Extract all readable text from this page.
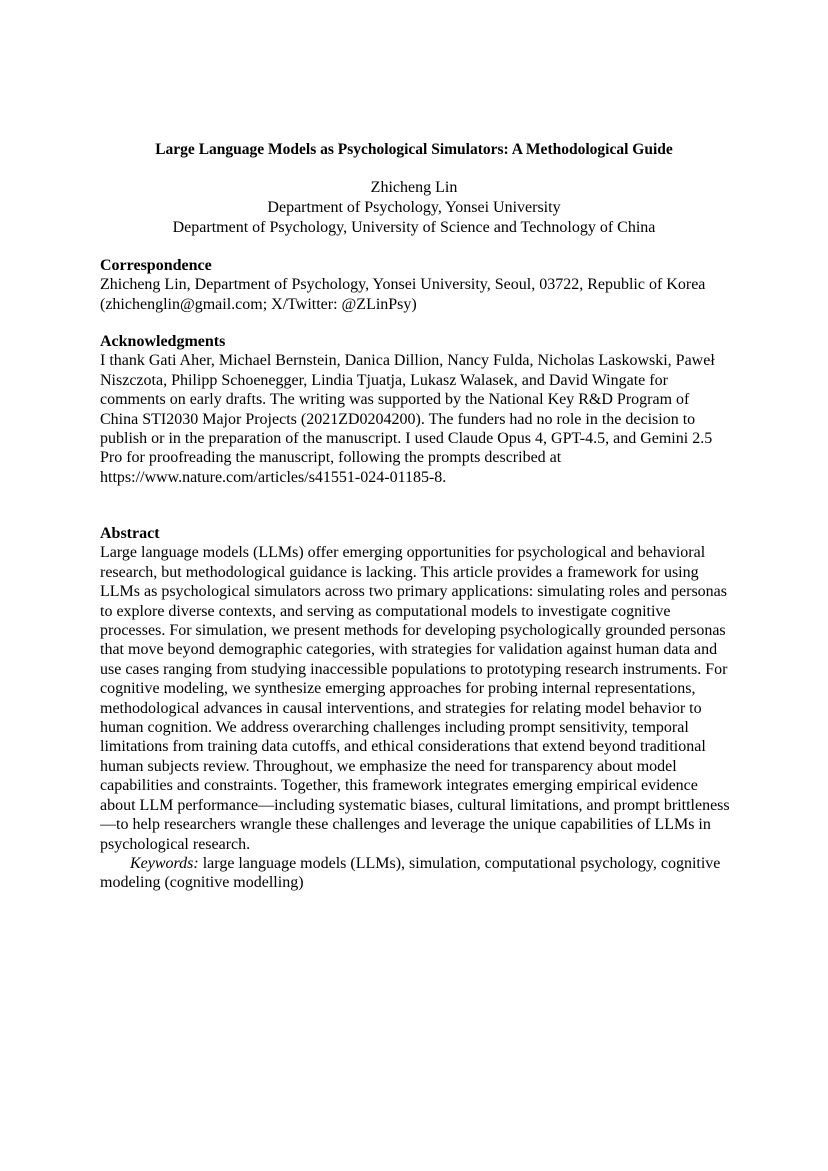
Large Language Models as Psychological Simulators: A Methodological Guide
Zhicheng Lin
Department of Psychology, Yonsei University
Department of Psychology, University of Science and Technology of China
Correspondence
Zhicheng Lin, Department of Psychology, Yonsei University, Seoul, 03722, Republic of Korea (zhichenglin@gmail.com; X/Twitter: @ZLinPsy)
Acknowledgments
I thank Gati Aher, Michael Bernstein, Danica Dillion, Nancy Fulda, Nicholas Laskowski, Paweł Niszczota, Philipp Schoenegger, Lindia Tjuatja, Lukasz Walasek, and David Wingate for comments on early drafts. The writing was supported by the National Key R&D Program of China STI2030 Major Projects (2021ZD0204200). The funders had no role in the decision to publish or in the preparation of the manuscript. I used Claude Opus 4, GPT-4.5, and Gemini 2.5 Pro for proofreading the manuscript, following the prompts described at https://www.nature.com/articles/s41551-024-01185-8.
Abstract
Large language models (LLMs) offer emerging opportunities for psychological and behavioral research, but methodological guidance is lacking. This article provides a framework for using LLMs as psychological simulators across two primary applications: simulating roles and personas to explore diverse contexts, and serving as computational models to investigate cognitive processes. For simulation, we present methods for developing psychologically grounded personas that move beyond demographic categories, with strategies for validation against human data and use cases ranging from studying inaccessible populations to prototyping research instruments. For cognitive modeling, we synthesize emerging approaches for probing internal representations, methodological advances in causal interventions, and strategies for relating model behavior to human cognition. We address overarching challenges including prompt sensitivity, temporal limitations from training data cutoffs, and ethical considerations that extend beyond traditional human subjects review. Throughout, we emphasize the need for transparency about model capabilities and constraints. Together, this framework integrates emerging empirical evidence about LLM performance—including systematic biases, cultural limitations, and prompt brittleness—to help researchers wrangle these challenges and leverage the unique capabilities of LLMs in psychological research.
Keywords: large language models (LLMs), simulation, computational psychology, cognitive modeling (cognitive modelling)
